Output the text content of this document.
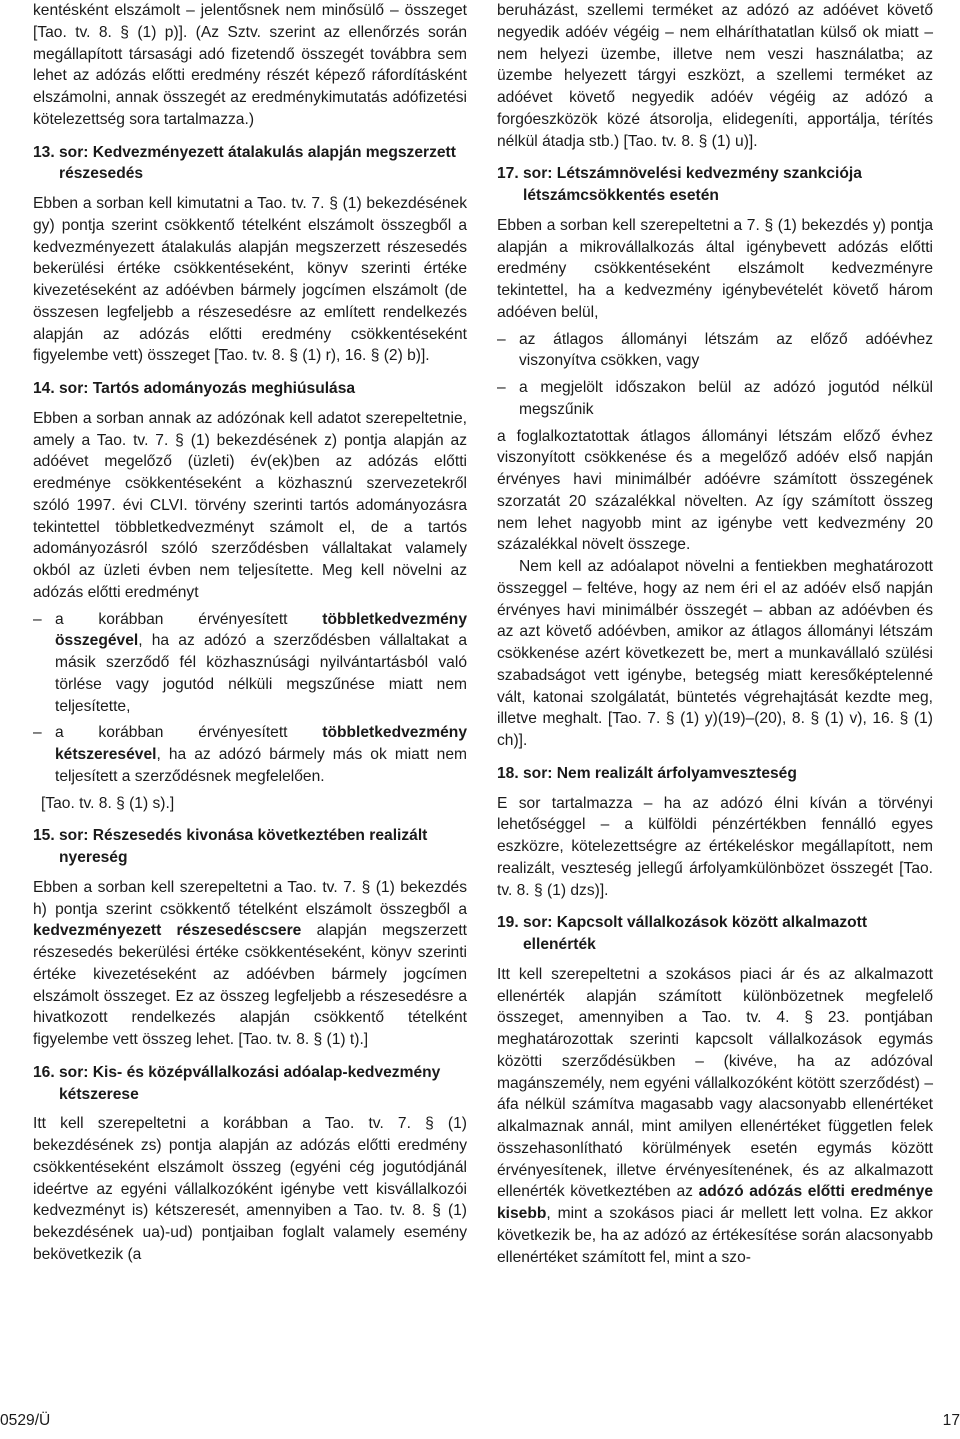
kentésként elszámolt – jelentősnek nem minősülő – összeget [Tao. tv. 8. § (1) p)]. (Az Sztv. szerint az ellenőrzés során megállapított társasági adó fizetendő összegét továbbra sem lehet az adózás előtti eredmény részét képező ráfordításként elszámolni, annak összegét az eredménykimutatás adófizetési kötelezettség sora tartalmazza.)

13. sor: Kedvezményezett átalakulás alapján megszerzett részesedés

Ebben a sorban kell kimutatni a Tao. tv. 7. § (1) bekezdésének gy) pontja szerint csökkentő tételként elszámolt összegből a kedvezményezett átalakulás alapján megszerzett részesedés bekerülési értéke csökkentéseként, könyv szerinti értéke kivezetéseként az adóévben bármely jogcímen elszámolt (de összesen legfeljebb a részesedésre az említett rendelkezés alapján az adózás előtti eredmény csökkentéseként figyelembe vett) összeget [Tao. tv. 8. § (1) r), 16. § (2) b)].

14. sor: Tartós adományozás meghiúsulása

Ebben a sorban annak az adózónak kell adatot szerepeltetnie, amely a Tao. tv. 7. § (1) bekezdésének z) pontja alapján az adóévet megelőző (üzleti) év(ek)ben az adózás előtti eredménye csökkentéseként a közhasznú szervezetekről szóló 1997. évi CLVI. törvény szerinti tartós adományozásra tekintettel többletkedvezményt számolt el, de a tartós adományozásról szóló szerződésben vállaltakat valamely okból az üzleti évben nem teljesítette. Meg kell növelni az adózás előtti eredményt

– a korábban érvényesített többletkedvezmény összegével, ha az adózó a szerződésben vállaltakat a másik szerződő fél közhasznúsági nyilvántartásból való törlése vagy jogutód nélküli megszűnése miatt nem teljesítette,
– a korábban érvényesített többletkedvezmény kétszeresével, ha az adózó bármely más ok miatt nem teljesített a szerződésnek megfelelően.

[Tao. tv. 8. § (1) s).]

15. sor: Részesedés kivonása következtében realizált nyereség

Ebben a sorban kell szerepeltetni a Tao. tv. 7. § (1) bekezdés h) pontja szerint csökkentő tételként elszámolt összegből a kedvezményezett részesedéscsere alapján megszerzett részesedés bekerülési értéke csökkentéseként, könyv szerinti értéke kivezetéseként az adóévben bármely jogcímen elszámolt összeget. Ez az összeg legfeljebb a részesedésre a hivatkozott rendelkezés alapján csökkentő tételként figyelembe vett összeg lehet. [Tao. tv. 8. § (1) t).]

16. sor: Kis- és középvállalkozási adóalap-kedvezmény kétszerese

Itt kell szerepeltetni a korábban a Tao. tv. 7. § (1) bekezdésének zs) pontja alapján az adózás előtti eredmény csökkentéseként elszámolt összeg (egyéni cég jogutódjánál ideértve az egyéni vállalkozóként igénybe vett kisvállalkozói kedvezményt is) kétszeresét, amennyiben a Tao. tv. 8. § (1) bekezdésének ua)-ud) pontjaiban foglalt valamely esemény bekövetkezik (a

beruházást, szellemi terméket az adózó az adóévet követő negyedik adóév végéig – nem elháríthatatlan külső ok miatt – nem helyezi üzembe, illetve nem veszi használatba; az üzembe helyezett tárgyi eszközt, a szellemi terméket az adóévet követő negyedik adóév végéig az adózó a forgóeszközök közé átsorolja, elidegeníti, apportálja, térítés nélkül átadja stb.) [Tao. tv. 8. § (1) u)].

17. sor: Létszámnövelési kedvezmény szankciója létszámcsökkentés esetén

Ebben a sorban kell szerepeltetni a 7. § (1) bekezdés y) pontja alapján a mikrovállalkozás által igénybevett adózás előtti eredmény csökkentéseként elszámolt kedvezményre tekintettel, ha a kedvezmény igénybevételét követő három adóéven belül,

– az átlagos állományi létszám az előző adóévhez viszonyítva csökken, vagy
– a megjelölt időszakon belül az adózó jogutód nélkül megszűnik

a foglalkoztatottak átlagos állományi létszám előző évhez viszonyított csökkenése és a megelőző adóév első napján érvényes havi minimálbér adóévre számított összegének szorzatát 20 százalékkal növelten. Az így számított összeg nem lehet nagyobb mint az igénybe vett kedvezmény 20 százalékkal növelt összege.

Nem kell az adóalapot növelni a fentiekben meghatározott összeggel – feltéve, hogy az nem éri el az adóév első napján érvényes havi minimálbér összegét – abban az adóévben és az azt követő adóévben, amikor az átlagos állományi létszám csökkenése azért következett be, mert a munkavállaló szülési szabadságot vett igénybe, betegség miatt keresőképtelenné vált, katonai szolgálatát, büntetés végrehajtását kezdte meg, illetve meghalt. [Tao. 7. § (1) y)(19)–(20), 8. § (1) v), 16. § (1) ch)].

18. sor: Nem realizált árfolyamveszteség

E sor tartalmazza – ha az adózó élni kíván a törvényi lehetőséggel – a külföldi pénzértékben fennálló egyes eszközre, kötelezettségre az értékeléskor megállapított, nem realizált, veszteség jellegű árfolyamkülönbözet összegét [Tao. tv. 8. § (1) dzs)].

19. sor: Kapcsolt vállalkozások között alkalmazott ellenérték

Itt kell szerepeltetni a szokásos piaci ár és az alkalmazott ellenérték alapján számított különbözetnek megfelelő összeget, amennyiben a Tao. tv. 4. § 23. pontjában meghatározottak szerinti kapcsolt vállalkozások egymás közötti szerződésükben – (kivéve, ha az adózóval magánszemély, nem egyéni vállalkozóként kötött szerződést) – áfa nélkül számítva magasabb vagy alacsonyabb ellenértéket alkalmaznak annál, mint amilyen ellenértéket független felek összehasonlítható körülmények esetén egymás között érvényesítenek, illetve érvényesítenének, és az alkalmazott ellenérték következtében az adózó adózás előtti eredménye kisebb, mint a szokásos piaci ár mellett lett volna. Ez akkor következik be, ha az adózó az értékesítése során alacsonyabb ellenértéket számított fel, mint a szo-

0529/Ü	17
